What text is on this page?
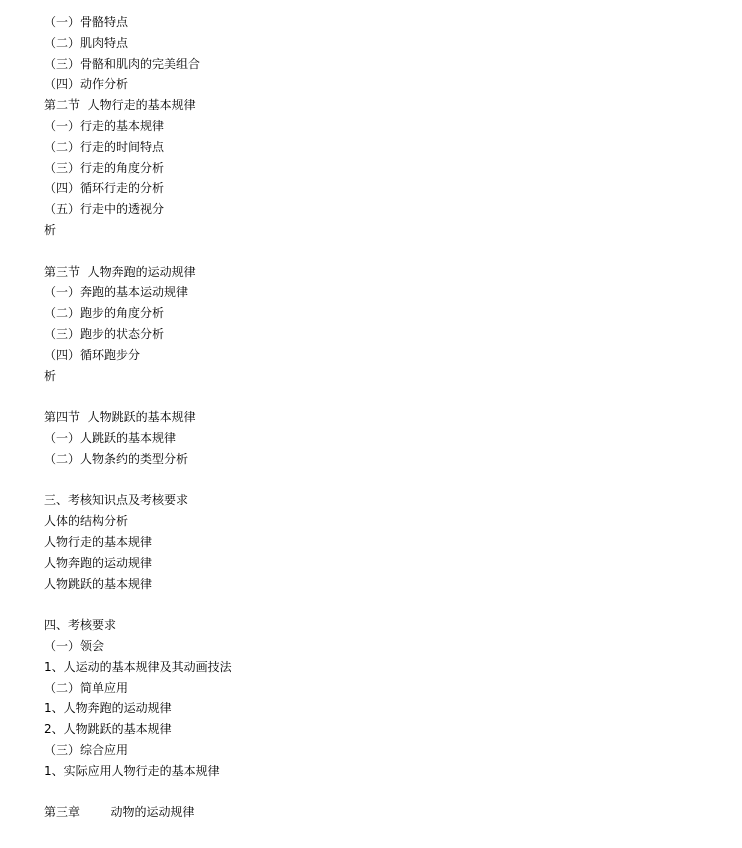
（一）骨骼特点
（二）肌肉特点
（三）骨骼和肌肉的完美组合
（四）动作分析
第二节  人物行走的基本规律
（一）行走的基本规律
（二）行走的时间特点
（三）行走的角度分析
（四）循环行走的分析
（五）行走中的透视分
析
第三节  人物奔跑的运动规律
（一）奔跑的基本运动规律
（二）跑步的角度分析
（三）跑步的状态分析
（四）循环跑步分
析
第四节  人物跳跃的基本规律
（一）人跳跃的基本规律
（二）人物条约的类型分析
三、考核知识点及考核要求
人体的结构分析
人物行走的基本规律
人物奔跑的运动规律
人物跳跃的基本规律
四、考核要求
（一）领会
1、人运动的基本规律及其动画技法
（二）简单应用
1、人物奔跑的运动规律
2、人物跳跃的基本规律
（三）综合应用
1、实际应用人物行走的基本规律
第三章        动物的运动规律
